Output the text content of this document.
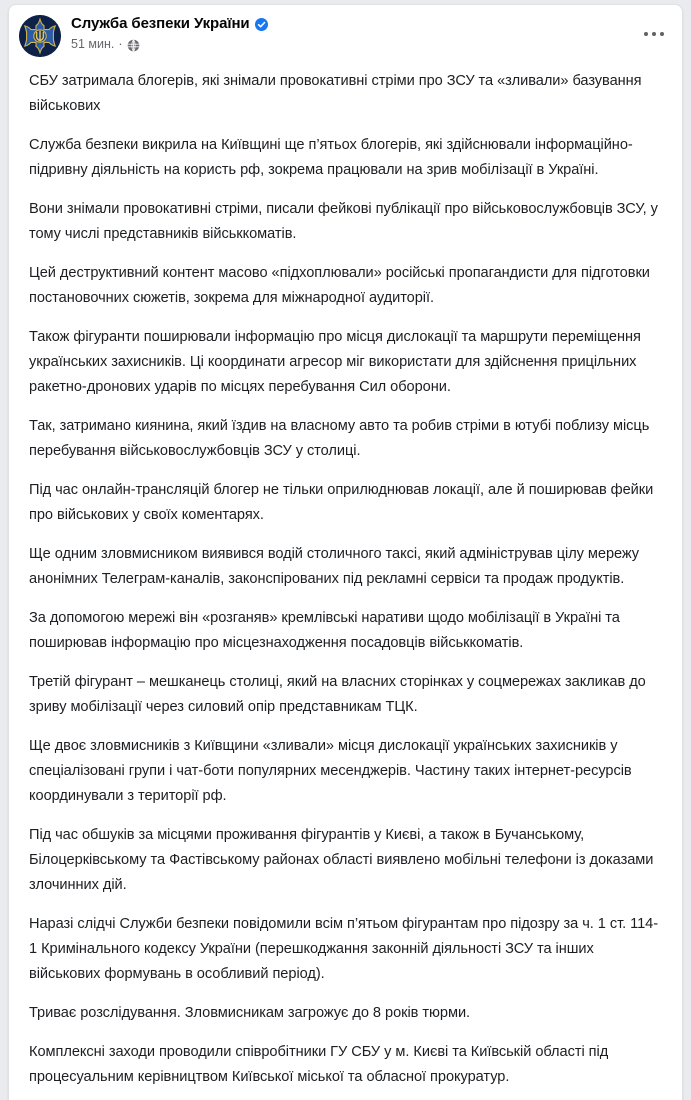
Служба безпеки України
51 мин. ·

СБУ затримала блогерів, які знімали провокативні стріми про ЗСУ та «зливали» базування військових

Служба безпеки викрила на Київщині ще п’ятьох блогерів, які здійснювали інформаційно-підривну діяльність на користь рф, зокрема працювали на зрив мобілізації в Україні.

Вони знімали провокативні стріми, писали фейкові публікації про військовослужбовців ЗСУ, у тому числі представників військкоматів.

Цей деструктивний контент масово «підхоплювали» російські пропагандисти для підготовки постановочних сюжетів, зокрема для міжнародної аудиторії.

Також фігуранти поширювали інформацію про місця дислокації та маршрути переміщення українських захисників. Ці координати агресор міг використати для здійснення прицільних ракетно-дронових ударів по місцях перебування Сил оборони.

Так, затримано киянина, який їздив на власному авто та робив стріми в ютубі поблизу місць перебування військовослужбовців ЗСУ у столиці.

Під час онлайн-трансляцій блогер не тільки оприлюднював локації, але й поширював фейки про військових у своїх коментарях.

Ще одним зловмисником виявився водій столичного таксі, який адміністрував цілу мережу анонімних Телеграм-каналів, законспірованих під рекламні сервіси та продаж продуктів.

За допомогою мережі він «розганяв» кремлівські наративи щодо мобілізації в Україні та поширював інформацію про місцезнаходження посадовців військкоматів.

Третій фігурант – мешканець столиці, який на власних сторінках у соцмережах закликав до зриву мобілізації через силовий опір представникам ТЦК.

Ще двоє зловмисників з Київщини «зливали» місця дислокації українських захисників у спеціалізовані групи і чат-боти популярних месенджерів. Частину таких інтернет-ресурсів координували з території рф.

Під час обшуків за місцями проживання фігурантів у Києві, а також в Бучанському, Білоцерківському та Фастівському районах області виявлено мобільні телефони із доказами злочинних дій.

Наразі слідчі Служби безпеки повідомили всім п’ятьом фігурантам про підозру за ч. 1 ст. 114-1 Кримінального кодексу України (перешкоджання законній діяльності ЗСУ та інших військових формувань в особливий період).

Триває розслідування. Зловмисникам загрожує до 8 років тюрми.

Комплексні заходи проводили співробітники ГУ СБУ у м. Києві та Київській області під процесуальним керівництвом Київської міської та обласної прокуратур.
